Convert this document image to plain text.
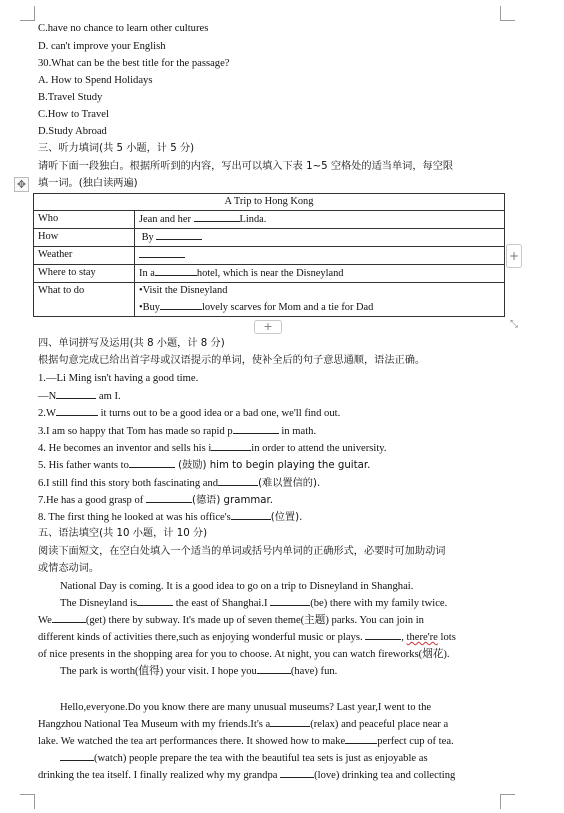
C.have no chance to learn other cultures
D. can't improve your English
30.What can be the best title for the passage?
A. How to Spend Holidays
B.Travel Study
C.How to Travel
D.Study Abroad
三、听力填词(共 5 小题，计 5 分)
请听下面一段独白。根据所听到的内容，写出可以填入下表 1~5 空格处的适当单词，每空限
填一词。(独白读两遍)
✥
A Trip to Hong Kong	
Who	Jean and her Linda.
How	By
Weather	
Where to stay	In a hotel, which is near the Disneyland
What to do	•Visit the Disneyland
•Buy lovely scarves for Mom and a tie for Dad
+
+	⤡
四、单词拼写及运用(共 8 小题，计 8 分)
根据句意完成已给出首字母或汉语提示的单词，使补全后的句子意思通顺，语法正确。
1.—Li Ming isn't having a good time.
—N	am I.
2.W	it turns out to be a good idea or a bad one, we'll find out.
3.I am so happy that Tom has made so rapid p	in math.
4. He becomes an inventor and sells his i	in order to attend the university.
5. His father wants to	(鼓励) him to begin playing the guitar.
6.I still find this story both fascinating and	(难以置信的).
7.He has a good grasp of	(德语) grammar.
8. The first thing he looked at was his office's	(位置).
五、语法填空(共 10 小题，计 10 分)
阅读下面短文，在空白处填入一个适当的单词或括号内单词的正确形式，必要时可加助动词
或情态动词。
National Day is coming. It is a good idea to go on a trip to Disneyland in Shanghai.
The Disneyland is	the east of Shanghai.I	(be) there with my family twice.
We	(get) there by subway. It's made up of seven theme(主题) parks. You can join in
different kinds of activities there,such as enjoying wonderful music or plays.	, there're lots
of nice presents in the shopping area for you to choose. At night, you can watch fireworks(烟花).
The park is worth(值得) your visit. I hope you	(have) fun.
Hello,everyone.Do you know there are many unusual museums? Last year,I went to the
Hangzhou National Tea Museum with my friends.It's a	(relax) and peaceful place near a
lake. We watched the tea art performances there. It showed how to make	perfect cup of tea.
(watch) people prepare the tea with the beautiful tea sets is just as enjoyable as
drinking the tea itself. I finally realized why my grandpa	(love) drinking tea and collecting
